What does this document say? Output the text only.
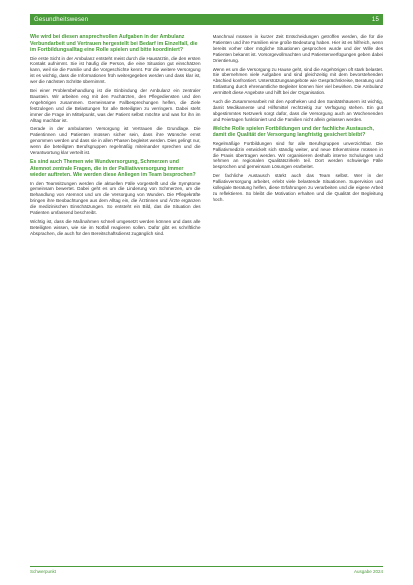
Gesundheitswesen	15

Wie wird bei diesen ansprechvollen Aufgaben in der Ambulanz Verbundarbeit und Vertrauen hergestellt bei Bedarf im Einzelfall, die im Fortbildungsalltag eine Rolle spielen und bitte koordiniert?

Die erste Sicht in der Ambulanz entsteht meist durch die Hausärztin, die den ersten Kontakt aufnimmt. Sie ist häufig die Person, die eine Situation gut einschätzen kann, weil sie die Familie und die Vorgeschichte kennt. Für die weitere Versorgung ist es wichtig, dass die Informationen früh weitergegeben werden und dass klar ist, wer die nächsten Schritte übernimmt.

Bei einer Problembehandlung ist die Einbindung der Ambulanz ein zentraler Baustein. Wir arbeiten eng mit den Fachärzten, den Pflegediensten und den Angehörigen zusammen. Gemeinsame Fallbesprechungen helfen, die Ziele festzulegen und die Belastungen für alle Beteiligten zu verringern. Dabei steht immer die Frage im Mittelpunkt, was der Patient selbst möchte und was für ihn im Alltag machbar ist.

Gerade in der ambulanten Versorgung ist Vertrauen die Grundlage. Die Patientinnen und Patienten müssen sicher sein, dass ihre Wünsche ernst genommen werden und dass sie in allen Phasen begleitet werden. Dies gelingt nur, wenn die beteiligten Berufsgruppen regelmäßig miteinander sprechen und die Verantwortung klar verteilt ist.

Es sind auch Themen wie Wundversorgung, Schmerzen und Atemnot zentrale Fragen, die in der Palliativversorgung immer wieder auftreten. Wie werden diese Anliegen im Team besprochen?

In den Teamsitzungen werden die aktuellen Fälle vorgestellt und die Symptome gemeinsam bewertet. Dabei geht es um die Linderung von Schmerzen, um die Behandlung von Atemnot und um die Versorgung von Wunden. Die Pflegekräfte bringen ihre Beobachtungen aus dem Alltag ein, die Ärztinnen und Ärzte ergänzen die medizinischen Einschätzungen. So entsteht ein Bild, das die Situation des Patienten umfassend beschreibt.

Wichtig ist, dass die Maßnahmen schnell umgesetzt werden können und dass alle Beteiligten wissen, wie sie im Notfall reagieren sollen. Dafür gibt es schriftliche Absprachen, die auch für den Bereitschaftsdienst zugänglich sind.

Manchmal müssen in kurzer Zeit Entscheidungen getroffen werden, die für die Patienten und ihre Familien eine große Bedeutung haben. Hier ist es hilfreich, wenn bereits vorher über mögliche Situationen gesprochen wurde und der Wille des Patienten bekannt ist. Vorsorgevollmachten und Patientenverfügungen geben dabei Orientierung.

Wenn es um die Versorgung zu Hause geht, sind die Angehörigen oft stark belastet. Sie übernehmen viele Aufgaben und sind gleichzeitig mit dem bevorstehenden Abschied konfrontiert. Unterstützungsangebote wie Gesprächskreise, Beratung und Entlastung durch ehrenamtliche Begleiter können hier viel bewirken. Die Ambulanz vermittelt diese Angebote und hilft bei der Organisation.

Auch die Zusammenarbeit mit den Apotheken und den Sanitätshäusern ist wichtig, damit Medikamente und Hilfsmittel rechtzeitig zur Verfügung stehen. Ein gut abgestimmtes Netzwerk sorgt dafür, dass die Versorgung auch an Wochenenden und Feiertagen funktioniert und die Familien nicht allein gelassen werden.

Welche Rolle spielen Fortbildungen und der fachliche Austausch, damit die Qualität der Versorgung langfristig gesichert bleibt?

Regelmäßige Fortbildungen sind für alle Berufsgruppen unverzichtbar. Die Palliativmedizin entwickelt sich ständig weiter, und neue Erkenntnisse müssen in die Praxis übertragen werden. Wir organisieren deshalb interne Schulungen und nehmen an regionalen Qualitätszirkeln teil. Dort werden schwierige Fälle besprochen und gemeinsam Lösungen erarbeitet.

Der fachliche Austausch stärkt auch das Team selbst. Wer in der Palliativversorgung arbeitet, erlebt viele belastende Situationen. Supervision und kollegiale Beratung helfen, diese Erfahrungen zu verarbeiten und die eigene Arbeit zu reflektieren. So bleibt die Motivation erhalten und die Qualität der Begleitung hoch.

Schwerpunkt	Ausgabe 2024
